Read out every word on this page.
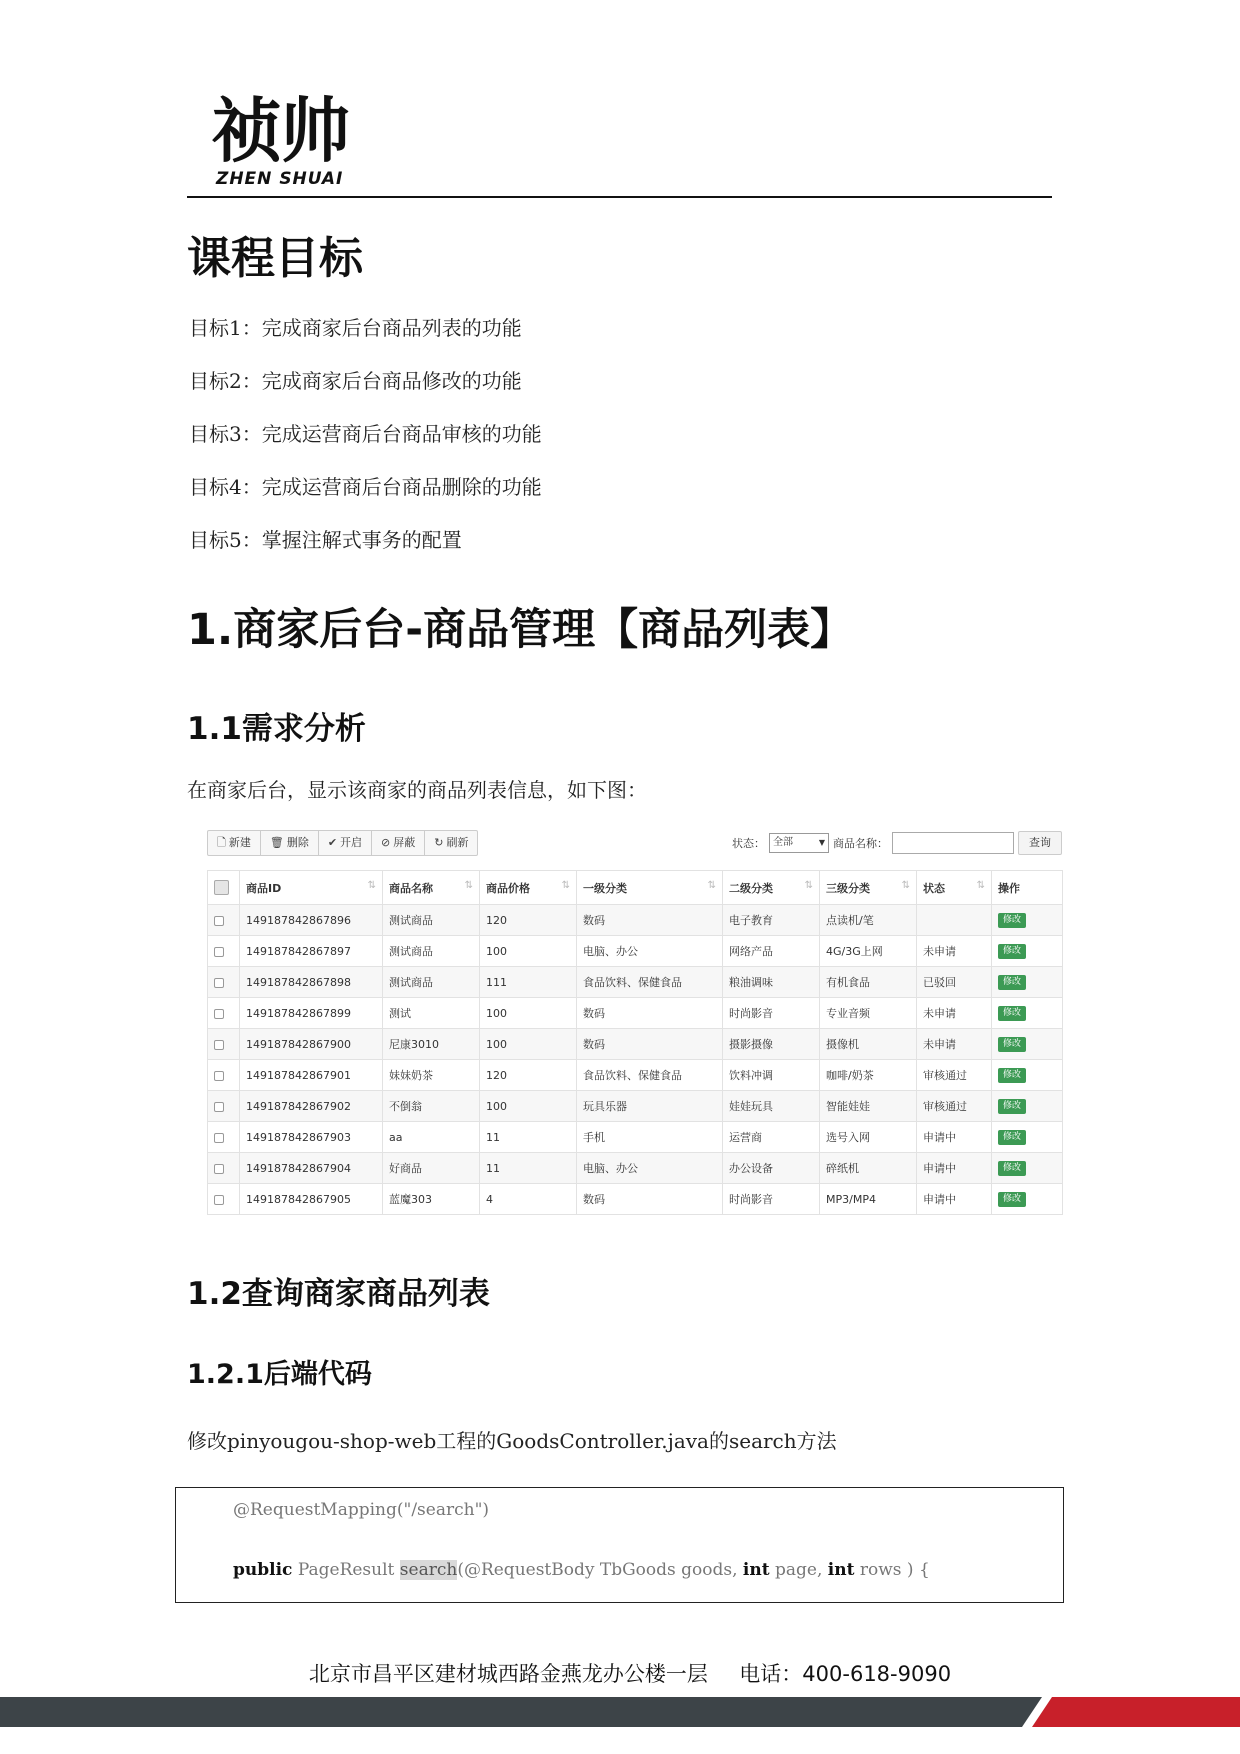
祯帅
ZHEN SHUAI
课程目标
目标1：完成商家后台商品列表的功能
目标2：完成商家后台商品修改的功能
目标3：完成运营商后台商品审核的功能
目标4：完成运营商后台商品删除的功能
目标5：掌握注解式事务的配置
1.商家后台-商品管理【商品列表】
1.1需求分析
在商家后台，显示该商家的商品列表信息，如下图：
🗋 新建 🗑 删除 ✔ 开启 ⊘ 屏蔽 ↻ 刷新	状态： 全部	▼ 商品名称：	查询
	商品ID ⇅	商品名称 ⇅	商品价格 ⇅	一级分类 ⇅	二级分类 ⇅	三级分类 ⇅	状态 ⇅	操作
	149187842867896	测试商品	120	数码	电子教育	点读机/笔		修改
	149187842867897	测试商品	100	电脑、办公	网络产品	4G/3G上网	未申请	修改
	149187842867898	测试商品	111	食品饮料、保健食品	粮油调味	有机食品	已驳回	修改
	149187842867899	测试	100	数码	时尚影音	专业音频	未申请	修改
	149187842867900	尼康3010	100	数码	摄影摄像	摄像机	未申请	修改
	149187842867901	妹妹奶茶	120	食品饮料、保健食品	饮料冲调	咖啡/奶茶	审核通过	修改
	149187842867902	不倒翁	100	玩具乐器	娃娃玩具	智能娃娃	审核通过	修改
	149187842867903	aa	11	手机	运营商	选号入网	申请中	修改
	149187842867904	好商品	11	电脑、办公	办公设备	碎纸机	申请中	修改
	149187842867905	蓝魔303	4	数码	时尚影音	MP3/MP4	申请中	修改
1.2查询商家商品列表
1.2.1后端代码
修改pinyougou-shop-web工程的GoodsController.java的search方法
@RequestMapping("/search")
public PageResult search(@RequestBody TbGoods goods, int page, int rows ) {
北京市昌平区建材城西路金燕龙办公楼一层 电话：400-618-9090
